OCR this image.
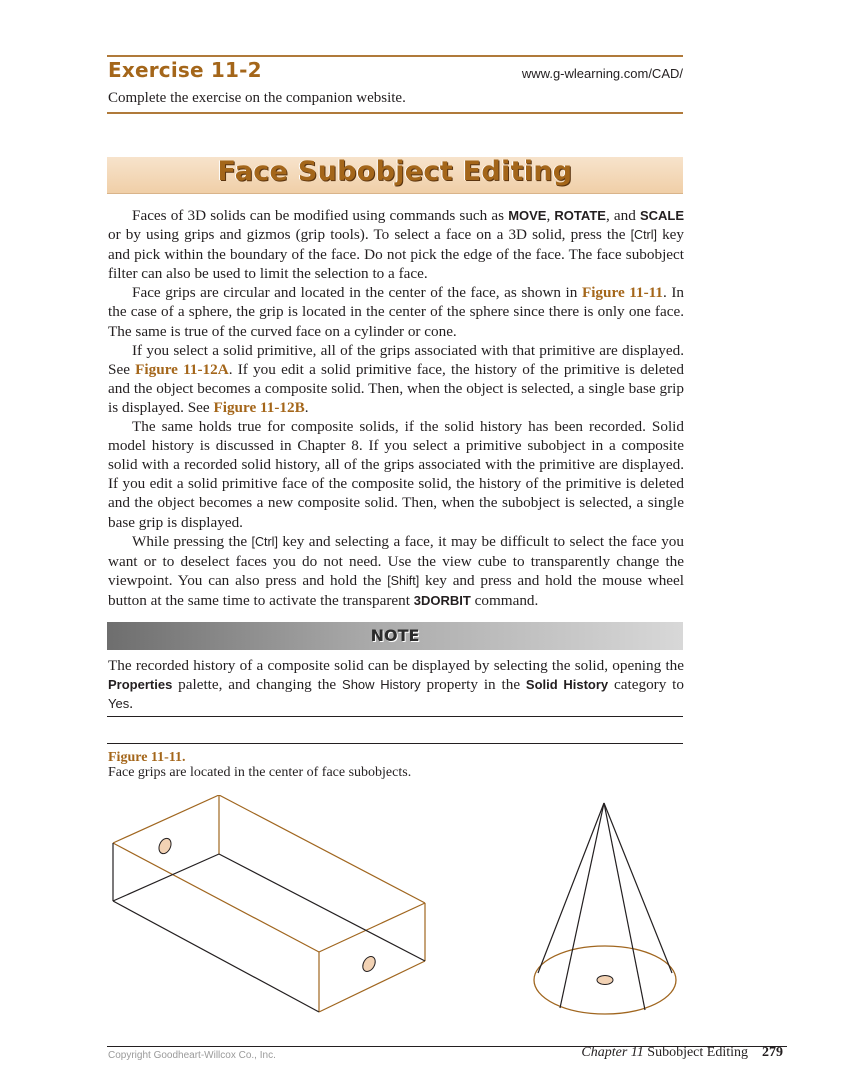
Exercise 11-2	www.g-wlearning.com/CAD/
Complete the exercise on the companion website.
Face Subobject Editing

Faces of 3D solids can be modified using commands such as MOVE, ROTATE, and SCALE or by using grips and gizmos (grip tools). To select a face on a 3D solid, press the [Ctrl] key and pick within the boundary of the face. Do not pick the edge of the face. The face subobject filter can also be used to limit the selection to a face.

Face grips are circular and located in the center of the face, as shown in Figure 11-11. In the case of a sphere, the grip is located in the center of the sphere since there is only one face. The same is true of the curved face on a cylinder or cone.

If you select a solid primitive, all of the grips associated with that primitive are displayed. See Figure 11-12A. If you edit a solid primitive face, the history of the primitive is deleted and the object becomes a composite solid. Then, when the object is selected, a single base grip is displayed. See Figure 11-12B.

The same holds true for composite solids, if the solid history has been recorded. Solid model history is discussed in Chapter 8. If you select a primitive subobject in a composite solid with a recorded solid history, all of the grips associated with the primitive are displayed. If you edit a solid primitive face of the composite solid, the history of the primitive is deleted and the object becomes a new composite solid. Then, when the subobject is selected, a single base grip is displayed.

While pressing the [Ctrl] key and selecting a face, it may be difficult to select the face you want or to deselect faces you do not need. Use the view cube to transparently change the viewpoint. You can also press and hold the [Shift] key and press and hold the mouse wheel button at the same time to activate the transparent 3DORBIT command.

NOTE

The recorded history of a composite solid can be displayed by selecting the solid, opening the Properties palette, and changing the Show History property in the Solid History category to Yes.

Figure 11-11.

Face grips are located in the center of face subobjects.
Copyright Goodheart-Willcox Co., Inc.	Chapter 11 Subobject Editing 279
